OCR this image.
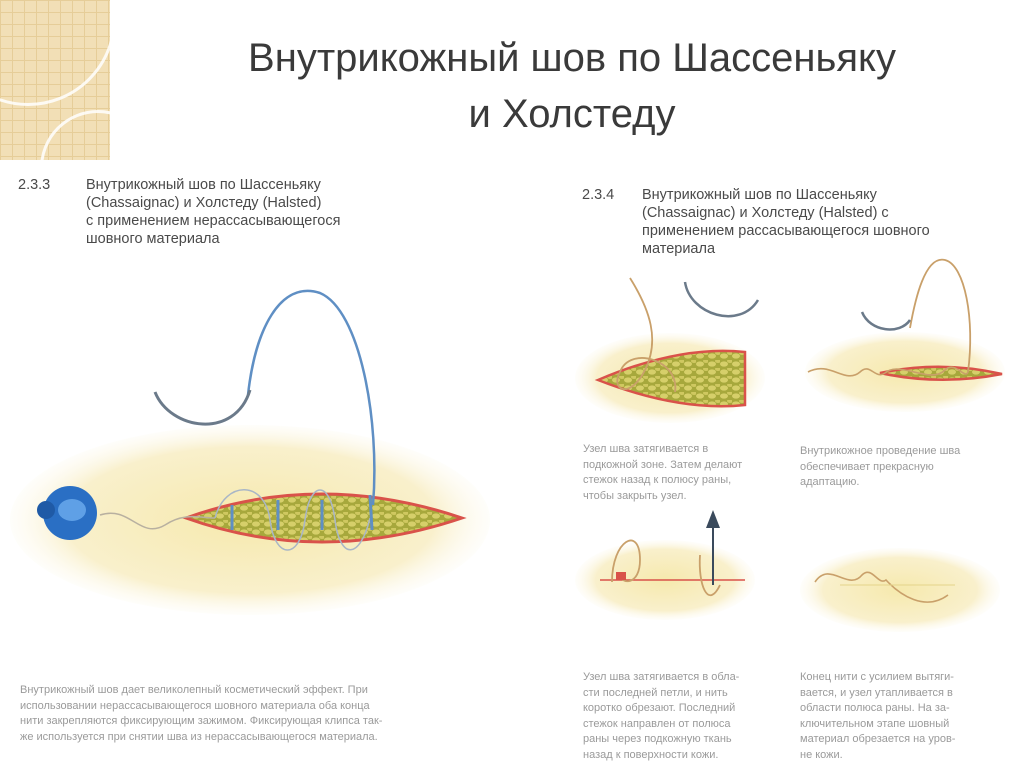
Внутрикожный шов по Шассеньяку
и Холстеду
2.3.3 Внутрикожный шов по Шассеньяку
(Chassaignac) и Холстеду (Halsted)
с применением нерассасывающегося
шовного материала
2.3.4 Внутрикожный шов по Шассеньяку
(Chassaignac) и Холстеду (Halsted) с
применением рассасывающегося шовного
материала
Внутрикожный шов дает великолепный косметический эффект. При
использовании нерассасывающегося шовного материала оба конца
нити закрепляются фиксирующим зажимом. Фиксирующая клипса так-
же используется при снятии шва из нерассасывающегося материала.
Узел шва затягивается в
подкожной зоне. Затем делают
стежок назад к полюсу раны,
чтобы закрыть узел.
Внутрикожное проведение шва
обеспечивает прекрасную
адаптацию.
Узел шва затягивается в обла-
сти последней петли, и нить
коротко обрезают. Последний
стежок направлен от полюса
раны через подкожную ткань
назад к поверхности кожи.
Конец нити с усилием вытяги-
вается, и узел утапливается в
области полюса раны. На за-
ключительном этапе шовный
материал обрезается на уров-
не кожи.
